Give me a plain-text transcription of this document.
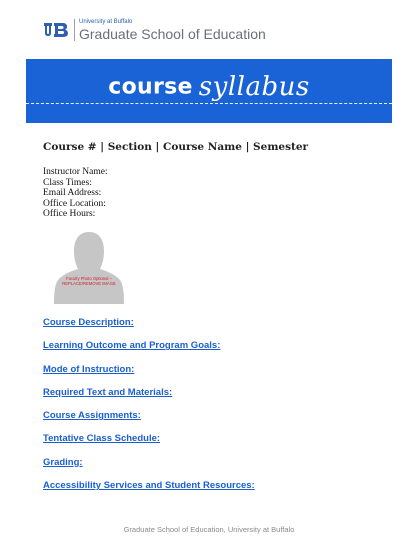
University at Buffalo
Graduate School of Education
course syllabus
Course # | Section | Course Name | Semester
Instructor Name:
Class Times:
Email Address:
Office Location:
Office Hours:
Faculty Photo Optional –
REPLACE/REMOVE IMAGE
Course Description:
Learning Outcome and Program Goals:
Mode of Instruction:
Required Text and Materials:
Course Assignments:
Tentative Class Schedule:
Grading:
Accessibility Services and Student Resources:
Graduate School of Education, University at Buffalo
